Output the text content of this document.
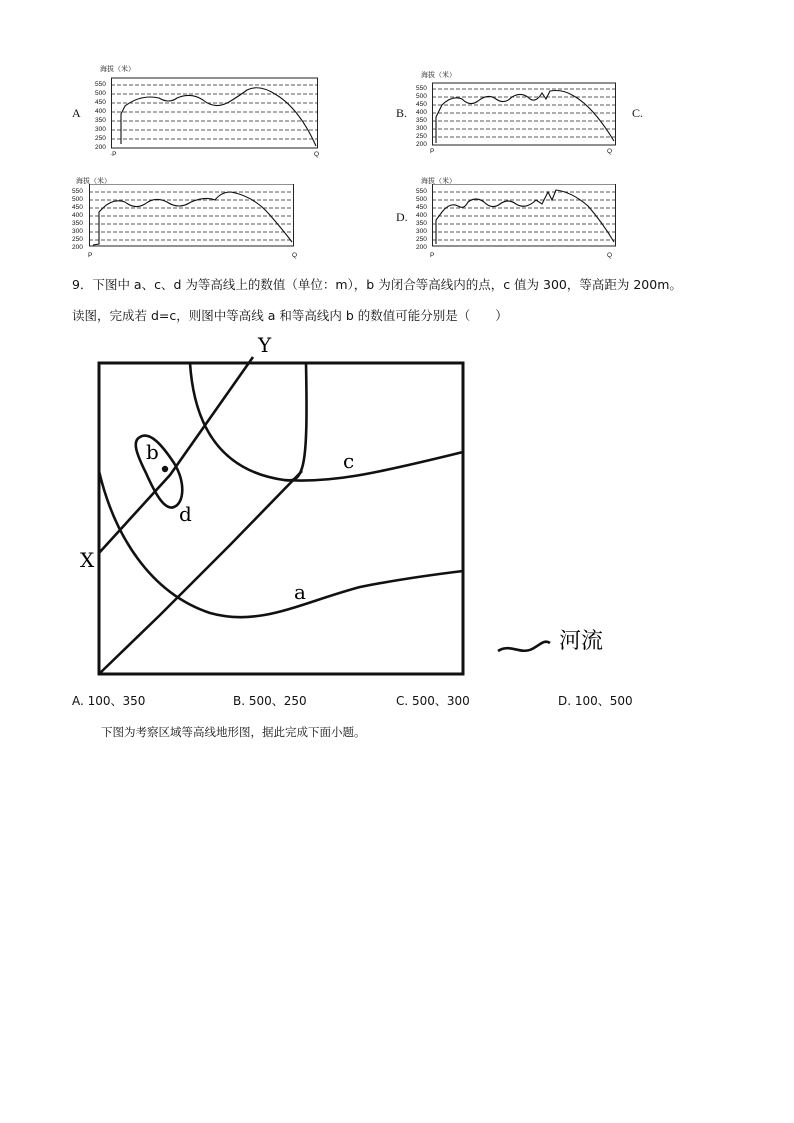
A
海拔（米）
550
500
450
400
350
300
250
200
·P	Q
B.
海拔（米）
550
500
450
400
350
300
250
200
P	Q
C.
海拔（米）
550
500
450
400
350
300
250
200
P	Q
D.
海拔（米）
550
500
450
400
350
300
250
200
P	Q
9．下图中 a、c、d 为等高线上的数值（单位：m），b 为闭合等高线内的点，c 值为 300，等高距为 200m。
读图，完成若 d=c，则图中等高线 a 和等高线内 b 的数值可能分别是（　　）
Y
X
b
d
c
a
河流
A. 100、350	B. 500、250	C. 500、300	D. 100、500
下图为考察区域等高线地形图，据此完成下面小题。
